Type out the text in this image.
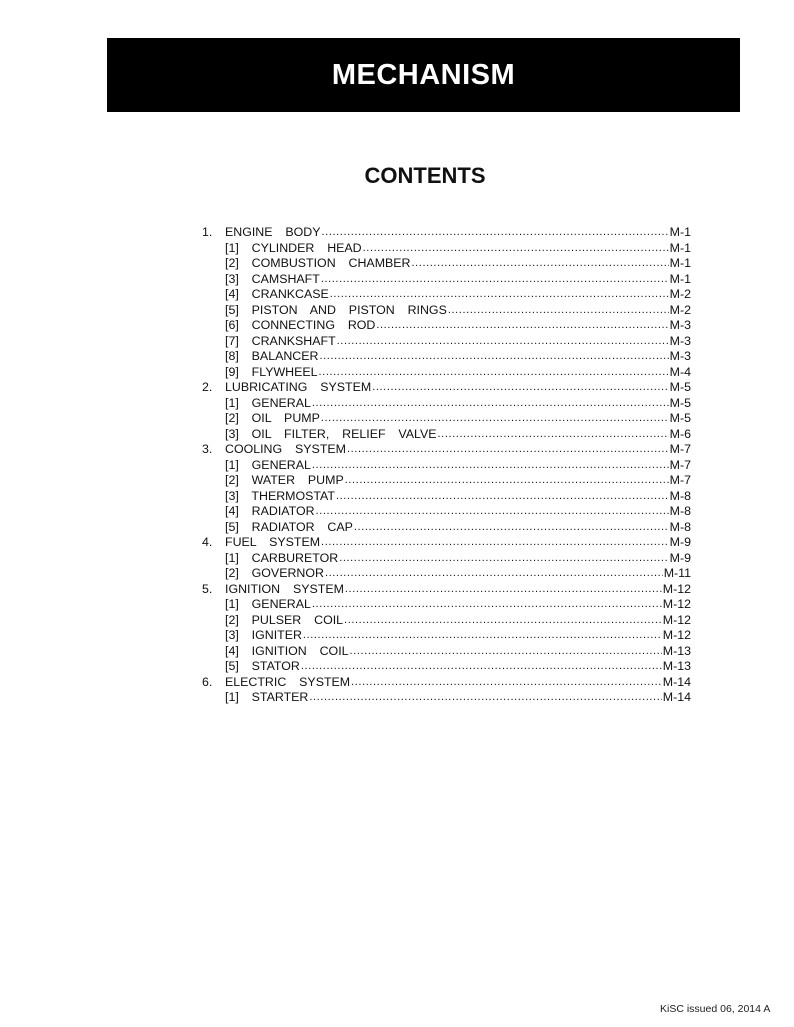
MECHANISM
CONTENTS
1.	ENGINE  BODY .....	M-1
[1]  CYLINDER  HEAD .....	M-1
[2]  COMBUSTION  CHAMBER .....	M-1
[3]  CAMSHAFT .....	M-1
[4]  CRANKCASE .....	M-2
[5]  PISTON  AND  PISTON  RINGS .....	M-2
[6]  CONNECTING  ROD .....	M-3
[7]  CRANKSHAFT .....	M-3
[8]  BALANCER .....	M-3
[9]  FLYWHEEL .....	M-4
2.	LUBRICATING  SYSTEM .....	M-5
[1]  GENERAL .....	M-5
[2]  OIL  PUMP .....	M-5
[3]  OIL  FILTER,  RELIEF  VALVE .....	M-6
3.	COOLING  SYSTEM .....	M-7
[1]  GENERAL .....	M-7
[2]  WATER  PUMP .....	M-7
[3]  THERMOSTAT .....	M-8
[4]  RADIATOR .....	M-8
[5]  RADIATOR  CAP .....	M-8
4.	FUEL  SYSTEM .....	M-9
[1]  CARBURETOR .....	M-9
[2]  GOVERNOR .....	M-11
5.	IGNITION  SYSTEM .....	M-12
[1]  GENERAL .....	M-12
[2]  PULSER  COIL .....	M-12
[3]  IGNITER .....	M-12
[4]  IGNITION  COIL .....	M-13
[5]  STATOR .....	M-13
6.	ELECTRIC  SYSTEM .....	M-14
[1]  STARTER .....	M-14
KiSC issued 06, 2014 A
